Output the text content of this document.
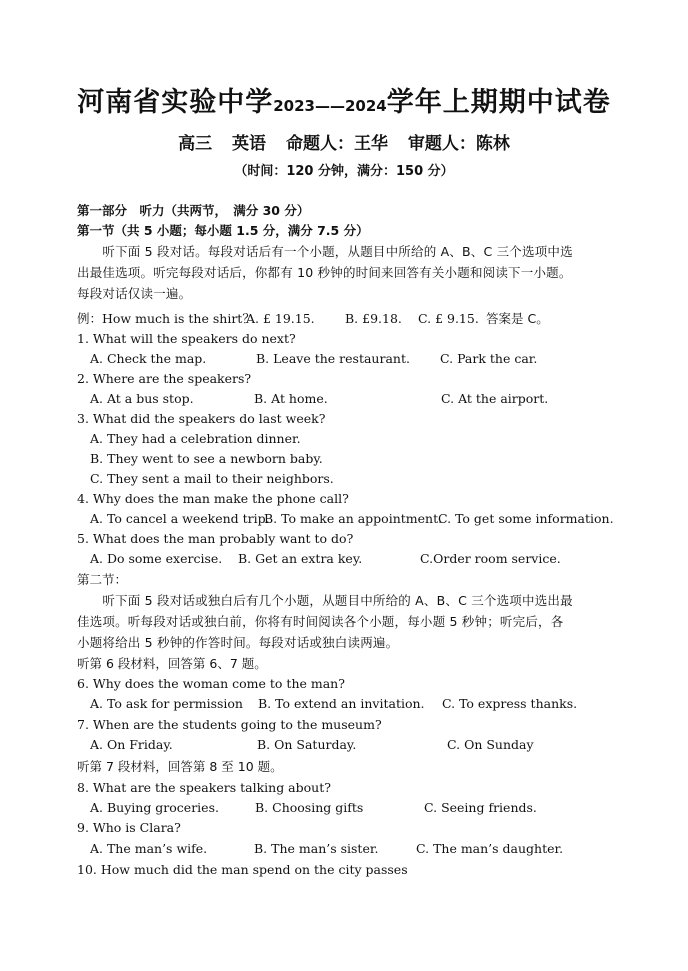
河南省实验中学2023——2024学年上期期中试卷
高三 英语 命题人：王华 审题人：陈林
（时间：120 分钟，满分：150 分）
第一部分　听力（共两节，　满分 30 分）
第一节（共 5 小题；每小题 1.5 分，满分 7.5 分）
　　听下面 5 段对话。每段对话后有一个小题，从题目中所给的 A、B、C 三个选项中选
出最佳选项。听完每段对话后，你都有 10 秒钟的时间来回答有关小题和阅读下一小题。
每段对话仅读一遍。
例：How much is the shirt？
A. £ 19.15. B. £9.18. C. £ 9.15. 答案是 C。
1. What will the speakers do next?
A. Check the map.	B. Leave the restaurant. C. Park the car.
2. Where are the speakers?
A. At a bus stop.	B. At home.	C. At the airport.
3. What did the speakers do last week?
A. They had a celebration dinner.
B. They went to see a newborn baby.
C. They sent a mail to their neighbors.
4. Why does the man make the phone call?
A. To cancel a weekend trip.
B. To make an appointment.
C. To get some information.
5. What does the man probably want to do?
A. Do some exercise. B. Get an extra key.	C.Order room service.
第二节：
　　听下面 5 段对话或独白后有几个小题，从题目中所给的 A、B、C 三个选项中选出最
佳选项。听每段对话或独白前，你将有时间阅读各个小题，每小题 5 秒钟；听完后，各
小题将给出 5 秒钟的作答时间。每段对话或独白读两遍。
听第 6 段材料，回答第 6、7 题。
6. Why does the woman come to the man?
A. To ask for permission B. To extend an invitation. C. To express thanks.
7. When are the students going to the museum?
A. On Friday.	B. On Saturday.	C. On Sunday
听第 7 段材料，回答第 8 至 10 题。
8. What are the speakers talking about?
A. Buying groceries.	B. Choosing gifts	C. Seeing friends.
9. Who is Clara?
A. The man’s wife.	B. The man’s sister.	C. The man’s daughter.
10. How much did the man spend on the city passes
